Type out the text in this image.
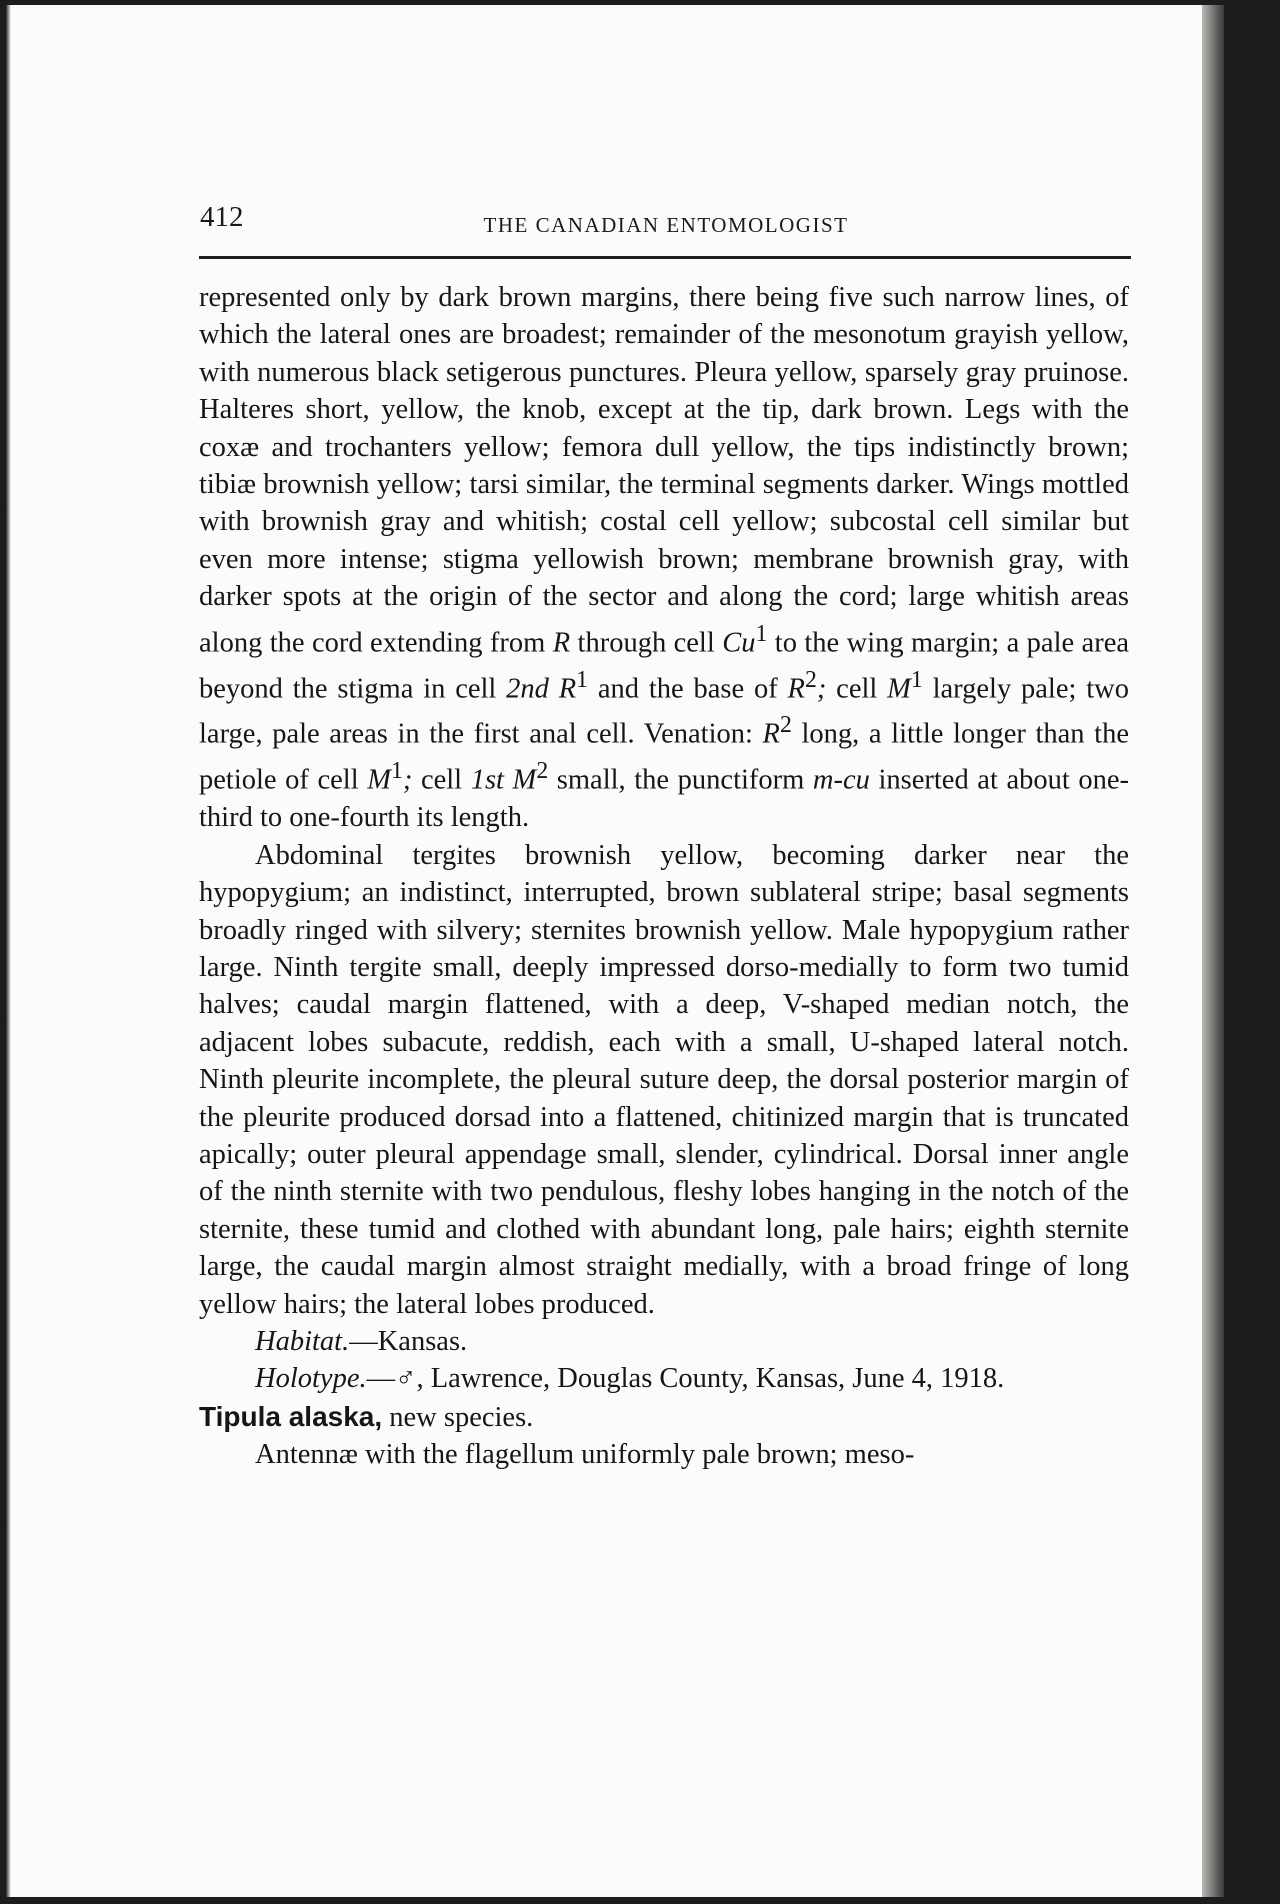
412	THE CANADIAN ENTOMOLOGIST

represented only by dark brown margins, there being five such narrow lines, of which the lateral ones are broadest; remainder of the mesonotum grayish yellow, with numerous black setigerous punctures. Pleura yellow, sparsely gray pruinose. Halteres short, yellow, the knob, except at the tip, dark brown. Legs with the coxæ and trochanters yellow; femora dull yellow, the tips indistinctly brown; tibiæ brownish yellow; tarsi similar, the terminal segments darker. Wings mottled with brownish gray and whitish; costal cell yellow; subcostal cell similar but even more intense; stigma yellowish brown; membrane brownish gray, with darker spots at the origin of the sector and along the cord; large whitish areas along the cord extending from R through cell Cu$^1$ to the wing margin; a pale area beyond the stigma in cell 2nd $R^1$ and the base of $R^2$; cell $M^1$ largely pale; two large, pale areas in the first anal cell. Venation: $R^2$ long, a little longer than the petiole of cell $M^1$; cell 1st $M^2$ small, the punctiform m-cu inserted at about one-third to one-fourth its length.

Abdominal tergites brownish yellow, becoming darker near the hypopygium; an indistinct, interrupted, brown sublateral stripe; basal segments broadly ringed with silvery; sternites brownish yellow. Male hypopygium rather large. Ninth tergite small, deeply impressed dorso-medially to form two tumid halves; caudal margin flattened, with a deep, V-shaped median notch, the adjacent lobes subacute, reddish, each with a small, U-shaped lateral notch. Ninth pleurite incomplete, the pleural suture deep, the dorsal posterior margin of the pleurite produced dorsad into a flattened, chitinized margin that is truncated apically; outer pleural appendage small, slender, cylindrical. Dorsal inner angle of the ninth sternite with two pendulous, fleshy lobes hanging in the notch of the sternite, these tumid and clothed with abundant long, pale hairs; eighth sternite large, the caudal margin almost straight medially, with a broad fringe of long yellow hairs; the lateral lobes produced.

Habitat.—Kansas.

Holotype.—♂, Lawrence, Douglas County, Kansas, June 4, 1918.

Tipula alaska, new species.

Antennæ with the flagellum uniformly pale brown; meso-
